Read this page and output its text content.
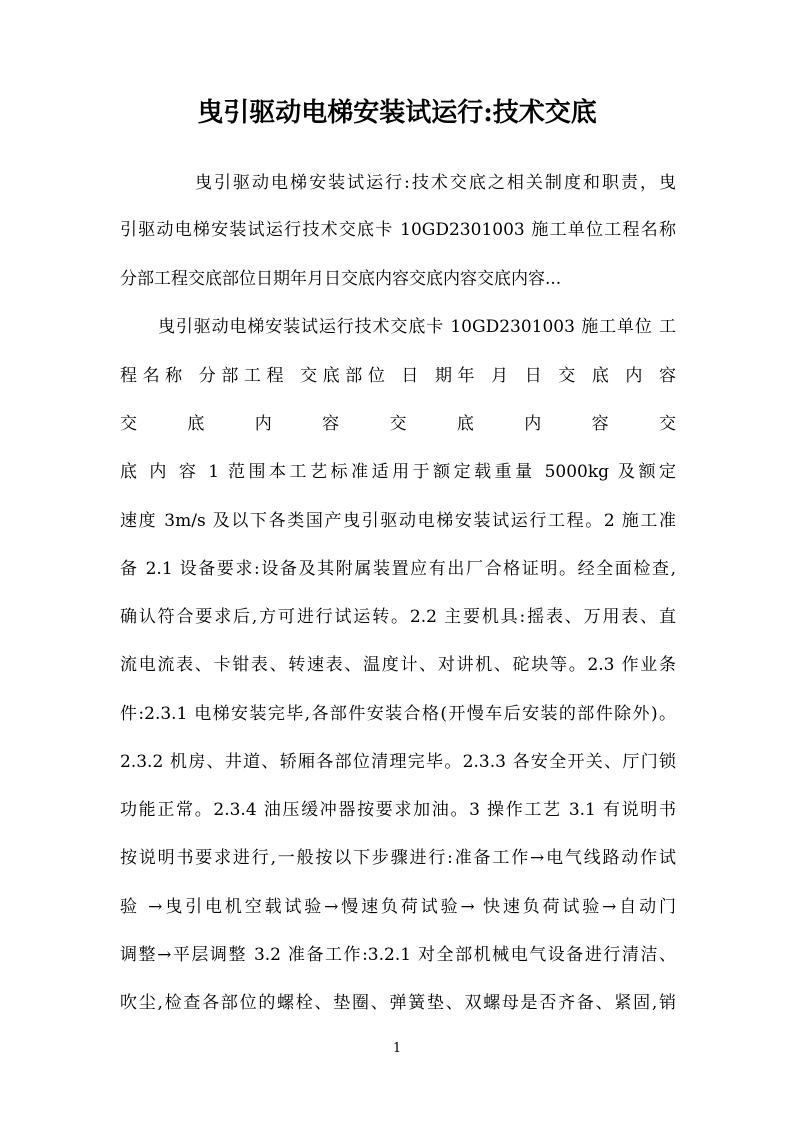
曳引驱动电梯安装试运行:技术交底
曳引驱动电梯安装试运行:技术交底之相关制度和职责，曳
引驱动电梯安装试运行技术交底卡 10GD2301003 施工单位工程名称
分部工程交底部位日期年月日交底内容交底内容交底内容...
曳引驱动电梯安装试运行技术交底卡 10GD2301003 施工单位 工
程名称 分部工程 交底部位 日 期年 月 日 交 底 内 容
交 底 内 容 交 底 内 容 交
底 内 容 1 范围本工艺标准适用于额定载重量 5000kg 及额定
速度 3m/s 及以下各类国产曳引驱动电梯安装试运行工程。2 施工准
备 2.1 设备要求:设备及其附属装置应有出厂合格证明。经全面检查,
确认符合要求后,方可进行试运转。2.2 主要机具:摇表、万用表、直
流电流表、卡钳表、转速表、温度计、对讲机、砣块等。2.3 作业条
件:2.3.1 电梯安装完毕,各部件安装合格(开慢车后安装的部件除外)。
2.3.2 机房、井道、轿厢各部位清理完毕。2.3.3 各安全开关、厅门锁
功能正常。2.3.4 油压缓冲器按要求加油。3 操作工艺 3.1 有说明书
按说明书要求进行,一般按以下步骤进行:准备工作→电气线路动作试
验 →曳引电机空载试验→慢速负荷试验→ 快速负荷试验→自动门
调整→平层调整 3.2 准备工作:3.2.1 对全部机械电气设备进行清洁、
吹尘,检查各部位的螺栓、垫圈、弹簧垫、双螺母是否齐备、紧固,销
1
